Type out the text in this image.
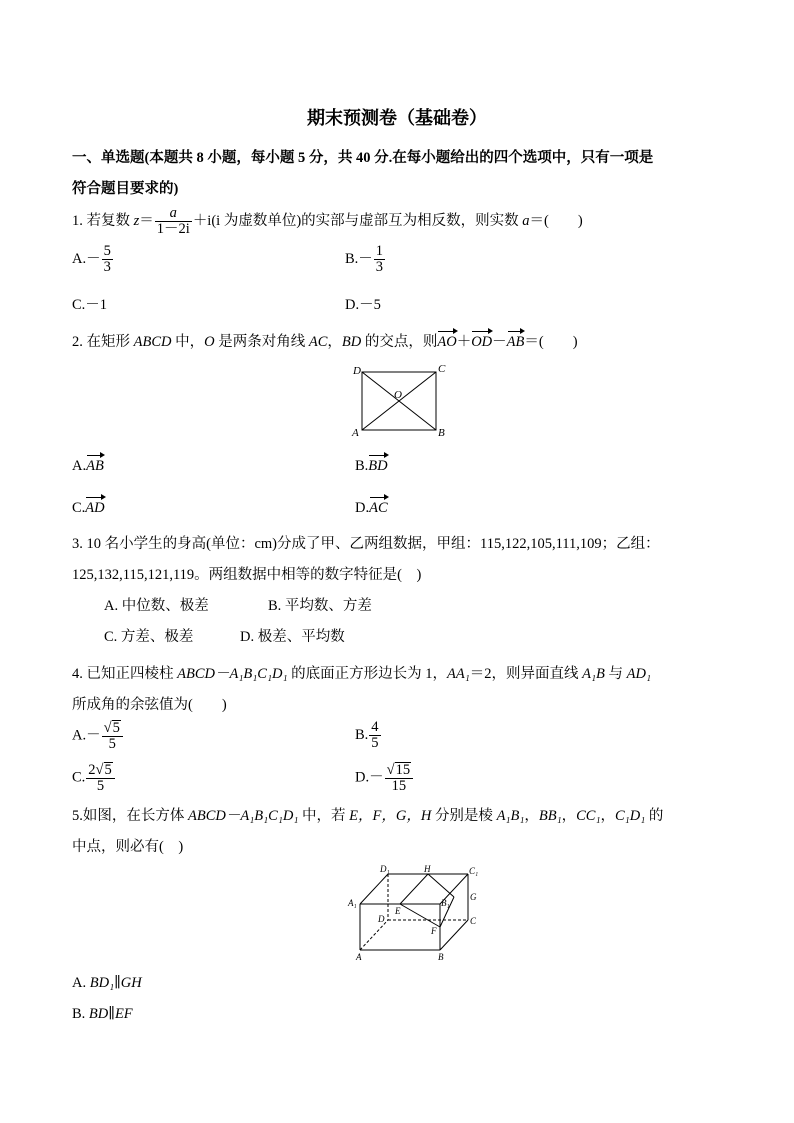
期末预测卷（基础卷）
一、单选题(本题共 8 小题，每小题 5 分，共 40 分.在每小题给出的四个选项中，只有一项是
符合题目要求的)
1. 若复数 $z= \frac{a}{1-2i} +i(i$ 为虚数单位)的实部与虚部互为相反数，则实数 a＝(　　)
$A.- \frac{5}{3}$	$B.- \frac{1}{3}$
C.－1	D.－5
2. 在矩形 ABCD 中，O 是两条对角线 AC，BD 的交点，则AO＋OD－AB＝(　　)
D	C
O
A	B
A.AB	B.BD
C.AD	D.AC
3. 10 名小学生的身高(单位：cm)分成了甲、乙两组数据，甲组：115,122,105,111,109；乙组：
125,132,115,121,119。两组数据中相等的数字特征是(　)
A. 中位数、极差	B. 平均数、方差
C. 方差、极差	D. 极差、平均数
4. 已知正四棱柱 ABCD－A₁B₁C₁D₁ 的底面正方形边长为 1，AA₁＝2，则异面直线 A₁B 与 AD₁
所成角的余弦值为(　　)
$A.- \frac{√5}{5}$	B. $\frac{4}{5}$
C. $\frac{2√5}{5}$	$D.- \frac{√15}{15}$
5.如图，在长方体 ABCD－A₁B₁C₁D₁ 中，若 E，F，G，H 分别是棱 A₁B₁，BB₁，CC₁，C₁D₁ 的
中点，则必有(　)
D₁	H	C₁
A₁
E
B₁
G
D	C
F
A	B
A. BD₁∥GH
B. BD∥EF
